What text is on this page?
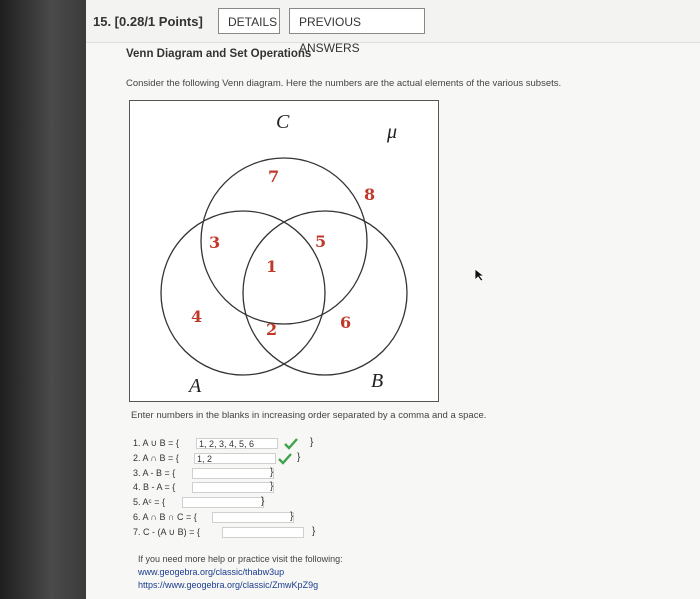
15. [0.28/1 Points]	DETAILS	PREVIOUS ANSWERS
Venn Diagram and Set Operations
Consider the following Venn diagram. Here the numbers are the actual elements of the various subsets.
C
A	B
μ
8
7
3	5
1
4
2	6
Enter numbers in the blanks in increasing order separated by a comma and a space.
1. A ∪ B = {	1, 2, 3, 4, 5, 6	}
2. A ∩ B = {	1, 2	}
3. A - B = {	}
4. B - A = {	}
5. Aᶜ = {	}
6. A ∩ B ∩ C = {	}
7. C - (A ∪ B) = {	}
If you need more help or practice visit the following:
www.geogebra.org/classic/thabw3up
https://www.geogebra.org/classic/ZmwKpZ9g
